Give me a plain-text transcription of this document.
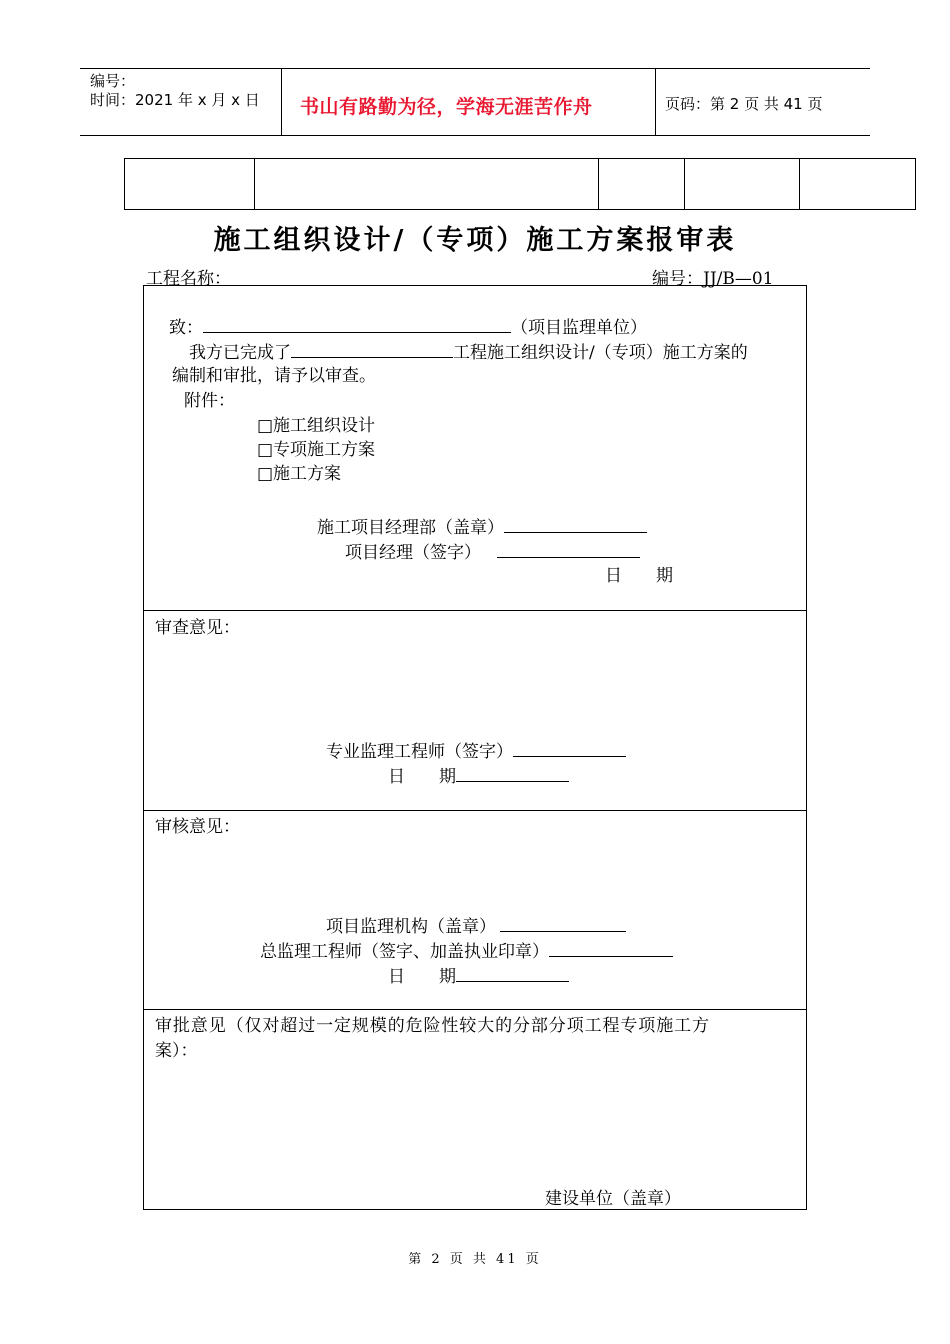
编号：
时间：2021 年 x 月 x 日 书山有路勤为径，学海无涯苦作舟	页码：第 2 页 共 41 页
施工组织设计/（专项）施工方案报审表
工程名称：	编号：JJ/B—01
致：	（项目监理单位）
我方已完成了	工程施工组织设计/（专项）施工方案的
编制和审批，请予以审查。
附件：
□施工组织设计
□专项施工方案
□施工方案
施工项目经理部（盖章）
项目经理（签字）
日　　期
审查意见：
专业监理工程师（签字）
日　　期
审核意见：
项目监理机构（盖章）
总监理工程师（签字、加盖执业印章）
日　　期
审批意见（仅对超过一定规模的危险性较大的分部分项工程专项施工方
案）：
建设单位（盖章）
第 2 页 共 41 页
